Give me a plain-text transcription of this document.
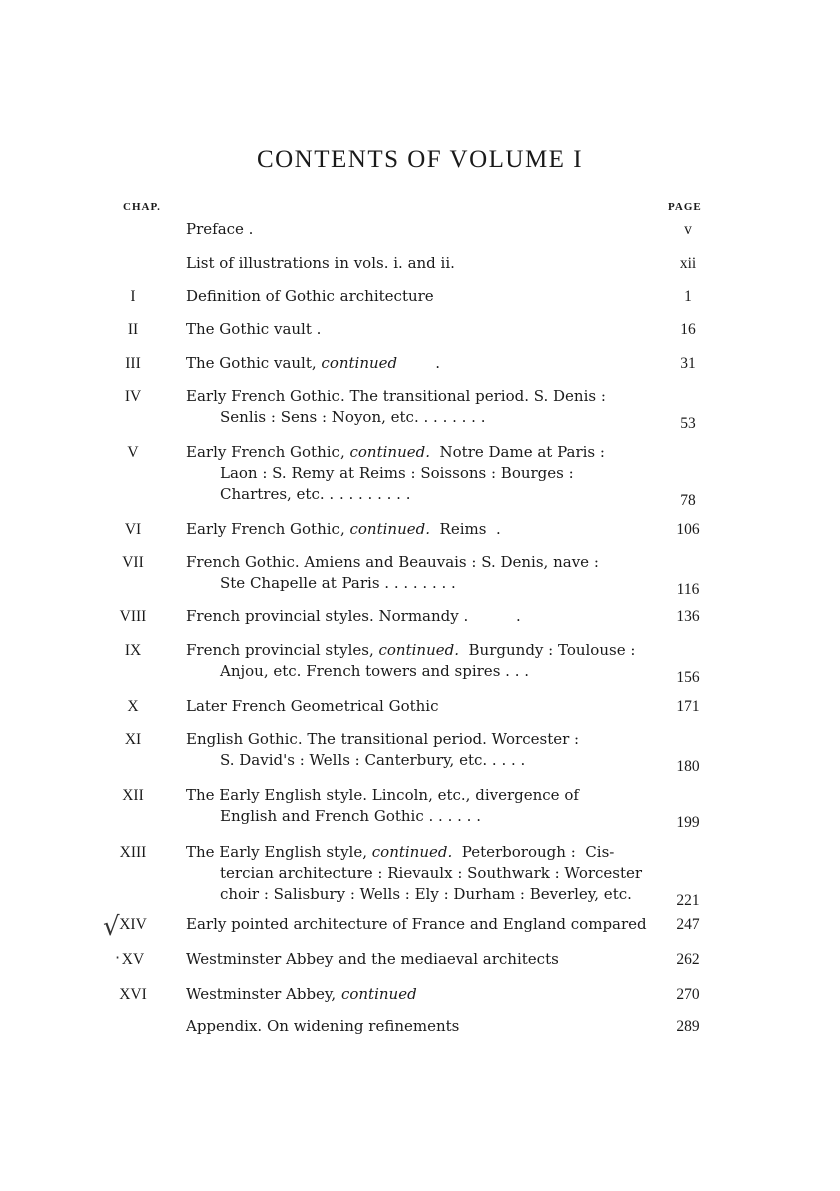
CONTENTS OF VOLUME I
CHAP.	PAGE
Preface .	v
List of illustrations in vols. i. and ii.	xii
I	Definition of Gothic architecture	1
II	The Gothic vault .	16
III	The Gothic vault, continued        .	31
IV	Early French Gothic. The transitional period. S. Denis :
Senlis : Sens : Noyon, etc. . . . . . . .	53
V	Early French Gothic, continued.  Notre Dame at Paris :
Laon : S. Remy at Reims : Soissons : Bourges :
Chartres, etc. . . . . . . . . .	78
VI	Early French Gothic, continued.  Reims  .	106
VII	French Gothic. Amiens and Beauvais : S. Denis, nave :
Ste Chapelle at Paris . . . . . . . .	116
VIII	French provincial styles. Normandy .          .	136
IX	French provincial styles, continued.  Burgundy : Toulouse :
Anjou, etc. French towers and spires . . .	156
X	Later French Geometrical Gothic	171
XI	English Gothic. The transitional period. Worcester :
S. David's : Wells : Canterbury, etc. . . . .	180
XII	The Early English style. Lincoln, etc., divergence of
English and French Gothic . . . . . .	199
XIII	The Early English style, continued.  Peterborough :  Cis-
tercian architecture : Rievaulx : Southwark : Worcester
choir : Salisbury : Wells : Ely : Durham : Beverley, etc.	221
XIV	Early pointed architecture of France and England compared	247
XV	Westminster Abbey and the mediaeval architects	262
XVI	Westminster Abbey, continued	270
Appendix. On widening refinements	289
√
·
